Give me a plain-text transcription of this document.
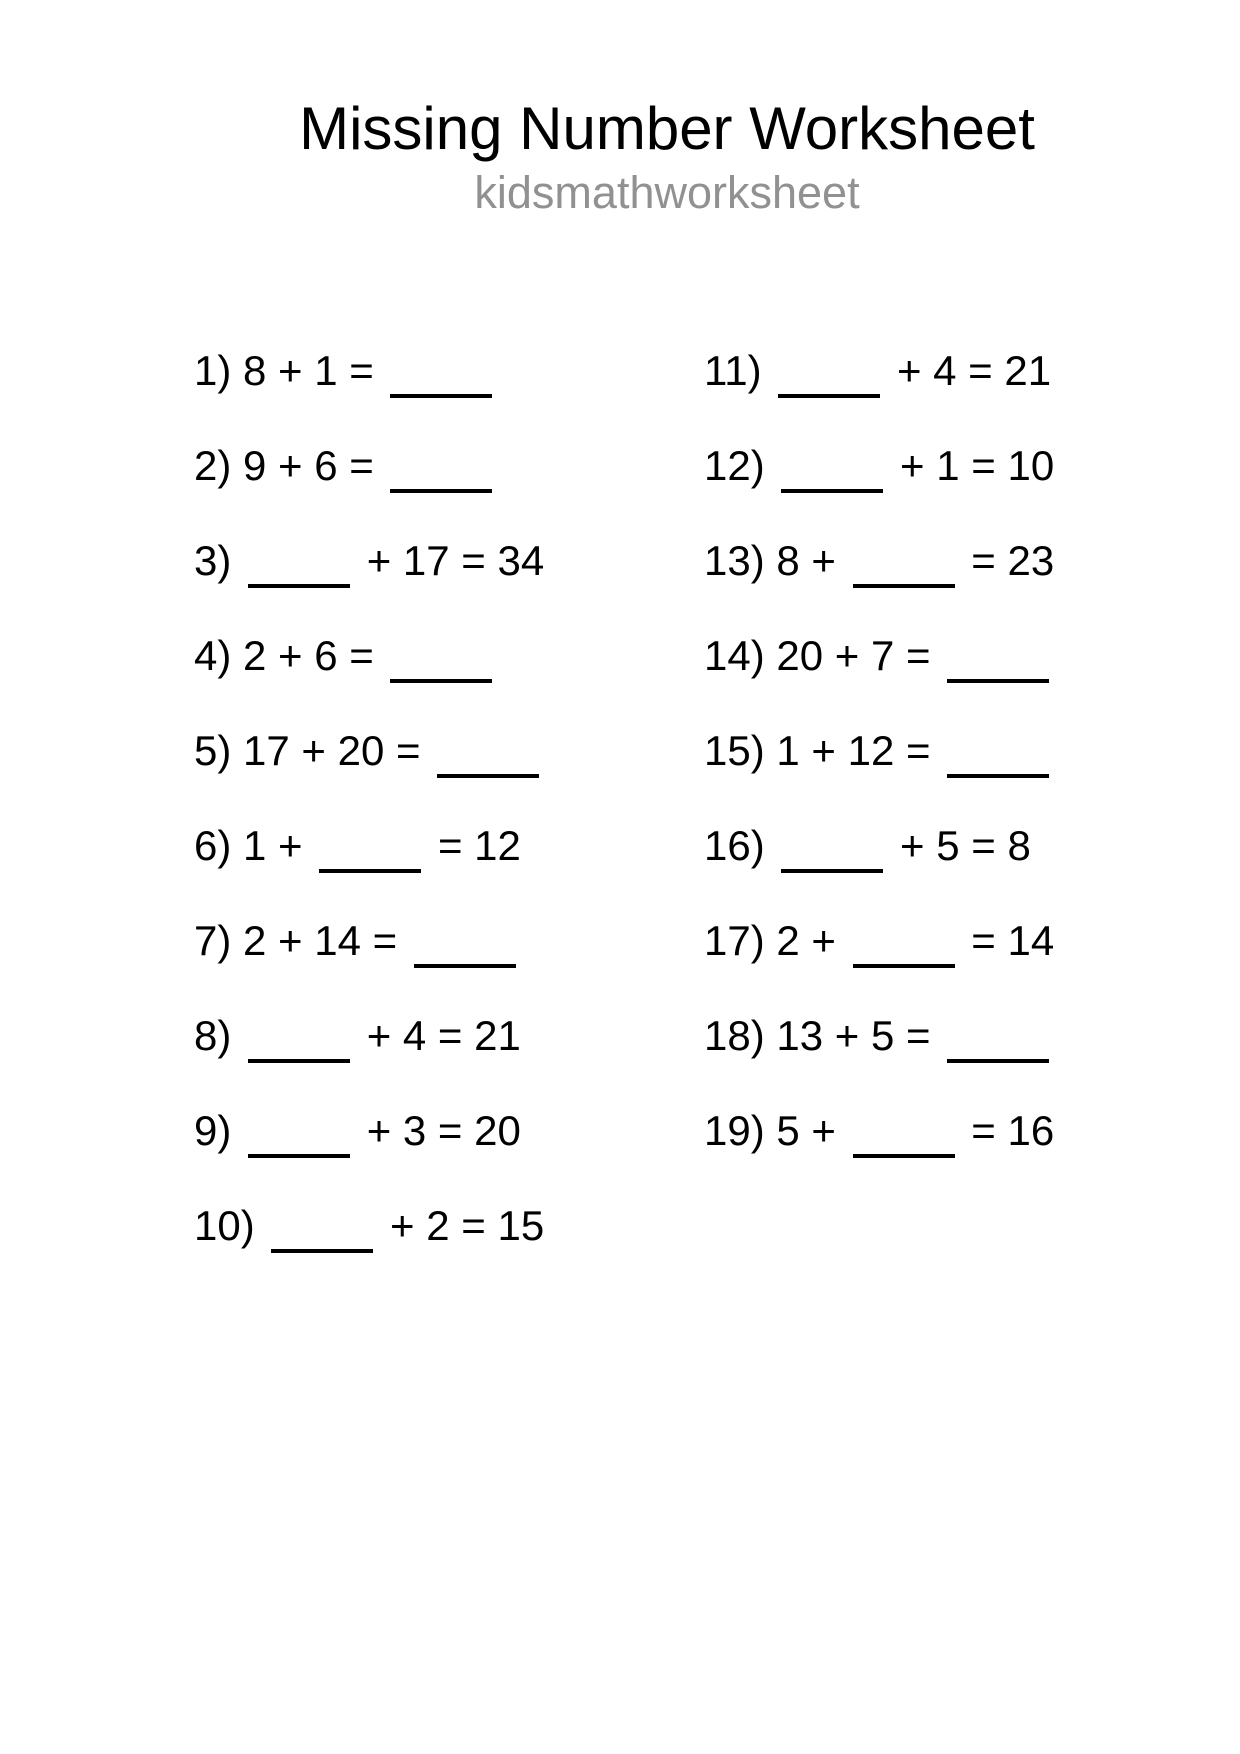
Missing Number Worksheet
kidsmathworksheet
1) 8 + 1 =
2) 9 + 6 =
3)	+ 17 = 34
4) 2 + 6 =
5) 17 + 20 =
6) 1 +	= 12
7) 2 + 14 =
8)	+ 4 = 21
9)	+ 3 = 20
10)	+ 2 = 15
11)	+ 4 = 21
12)	+ 1 = 10
13) 8 +	= 23
14) 20 + 7 =
15) 1 + 12 =
16)	+ 5 = 8
17) 2 +	= 14
18) 13 + 5 =
19) 5 +	= 16
